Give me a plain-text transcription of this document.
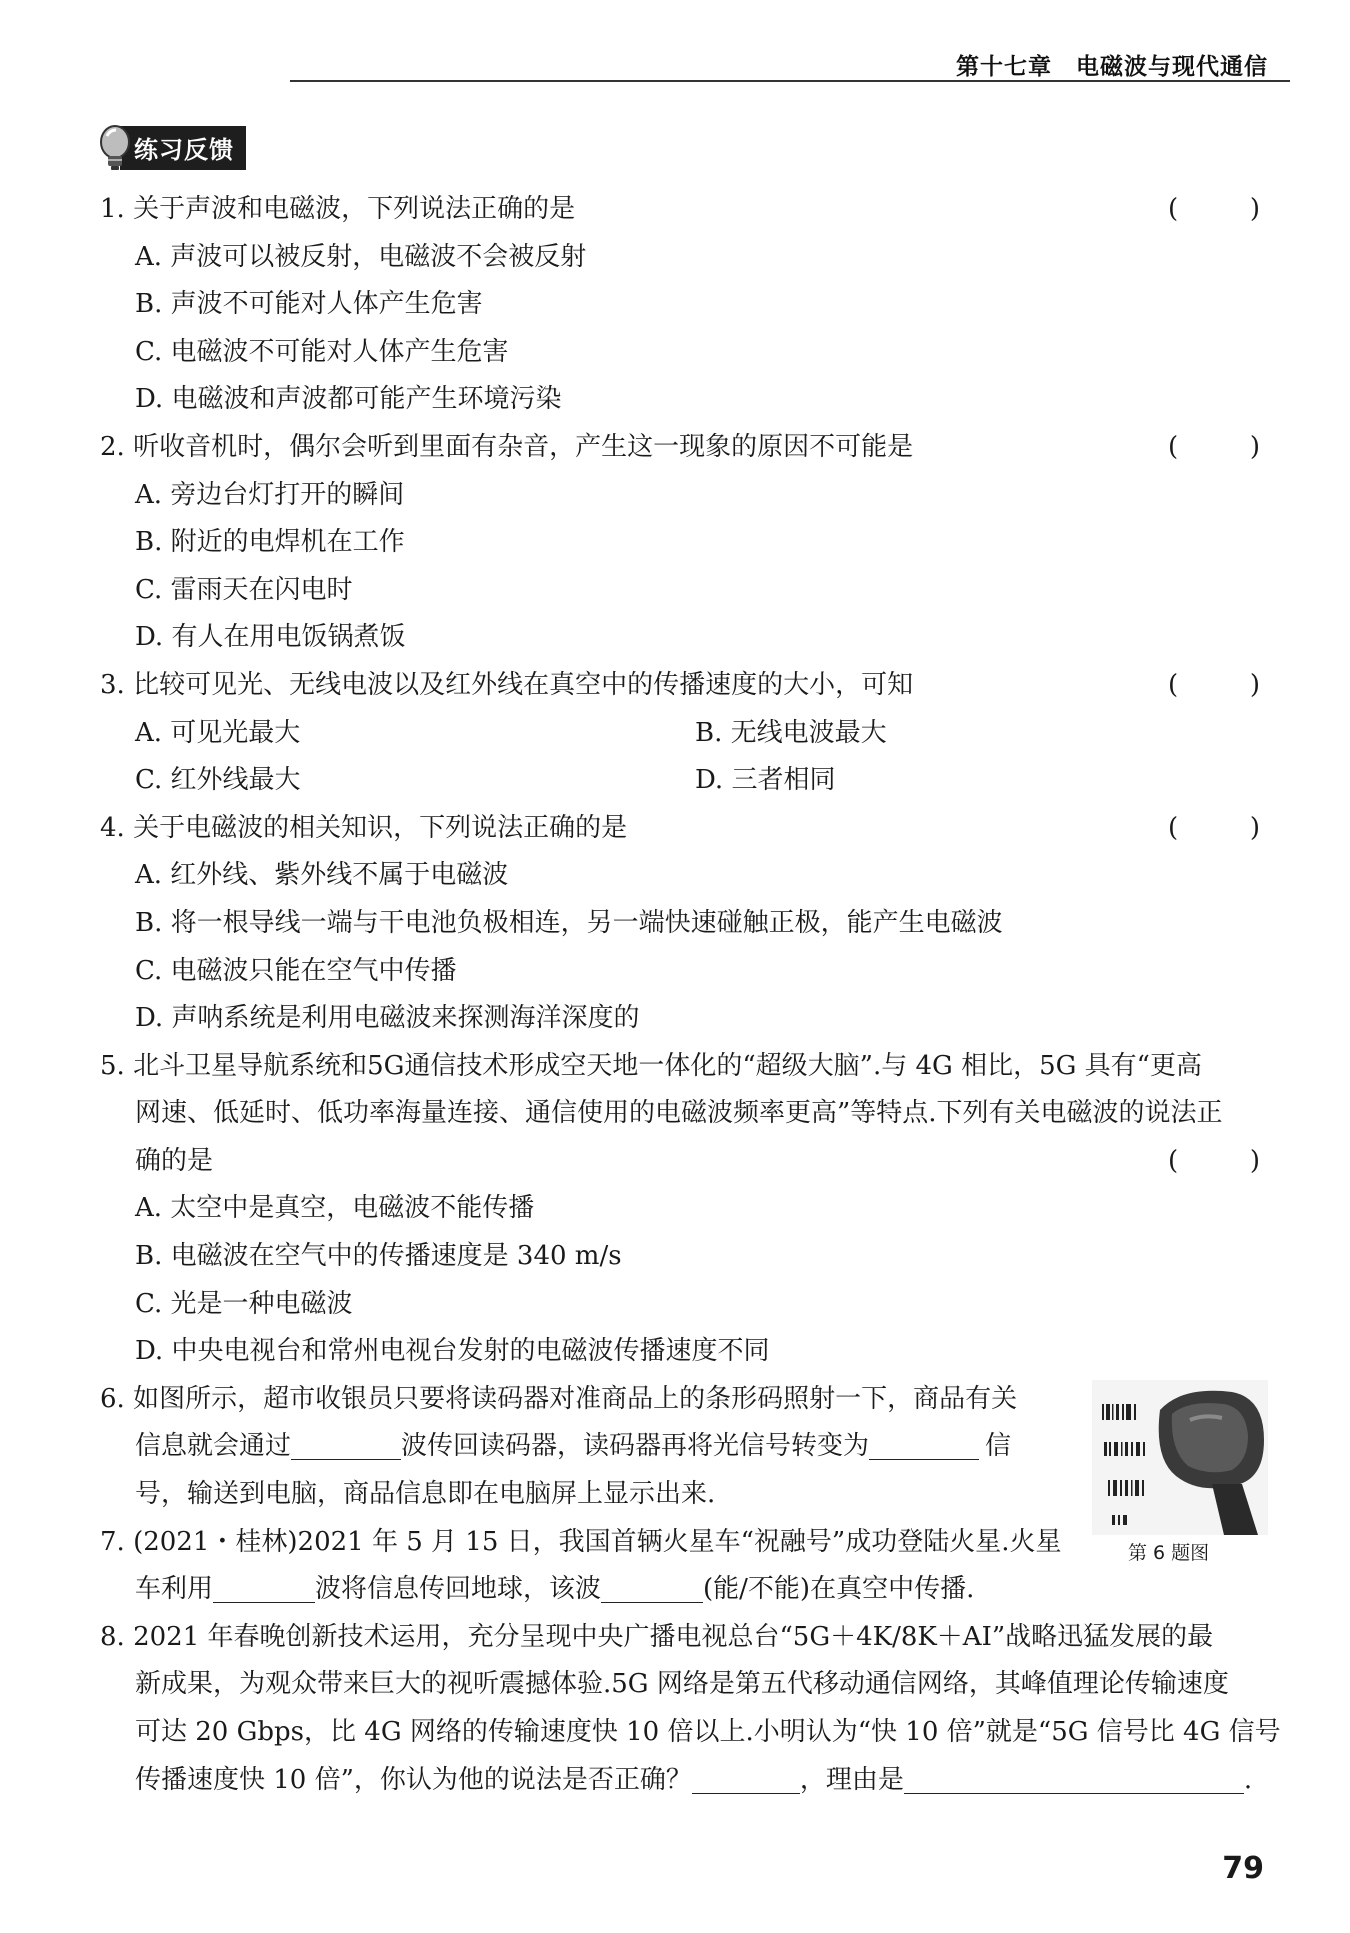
第十七章　电磁波与现代通信
练习反馈
1. 关于声波和电磁波，下列说法正确的是	(	)
A. 声波可以被反射，电磁波不会被反射
B. 声波不可能对人体产生危害
C. 电磁波不可能对人体产生危害
D. 电磁波和声波都可能产生环境污染
2. 听收音机时，偶尔会听到里面有杂音，产生这一现象的原因不可能是	(	)
A. 旁边台灯打开的瞬间
B. 附近的电焊机在工作
C. 雷雨天在闪电时
D. 有人在用电饭锅煮饭
3. 比较可见光、无线电波以及红外线在真空中的传播速度的大小，可知	(	)
A. 可见光最大	B. 无线电波最大
C. 红外线最大	D. 三者相同
4. 关于电磁波的相关知识，下列说法正确的是	(	)
A. 红外线、紫外线不属于电磁波
B. 将一根导线一端与干电池负极相连，另一端快速碰触正极，能产生电磁波
C. 电磁波只能在空气中传播
D. 声呐系统是利用电磁波来探测海洋深度的
5. 北斗卫星导航系统和5G通信技术形成空天地一体化的“超级大脑”.与 4G 相比，5G 具有“更高
网速、低延时、低功率海量连接、通信使用的电磁波频率更高”等特点.下列有关电磁波的说法正
确的是	(	)
A. 太空中是真空，电磁波不能传播
B. 电磁波在空气中的传播速度是 340 m/s
C. 光是一种电磁波
D. 中央电视台和常州电视台发射的电磁波传播速度不同
6. 如图所示，超市收银员只要将读码器对准商品上的条形码照射一下，商品有关
信息就会通过	波传回读码器，读码器再将光信号转变为	信
号，输送到电脑，商品信息即在电脑屏上显示出来.
7. (2021・桂林)2021 年 5 月 15 日，我国首辆火星车“祝融号”成功登陆火星.火星
车利用	波将信息传回地球，该波	(能/不能)在真空中传播.
8. 2021 年春晚创新技术运用，充分呈现中央广播电视总台“5G＋4K/8K＋AI”战略迅猛发展的最
新成果，为观众带来巨大的视听震撼体验.5G 网络是第五代移动通信网络，其峰值理论传输速度
可达 20 Gbps，比 4G 网络的传输速度快 10 倍以上.小明认为“快 10 倍”就是“5G 信号比 4G 信号
传播速度快 10 倍”，你认为他的说法是否正确？	，理由是	.
第 6 题图
79
